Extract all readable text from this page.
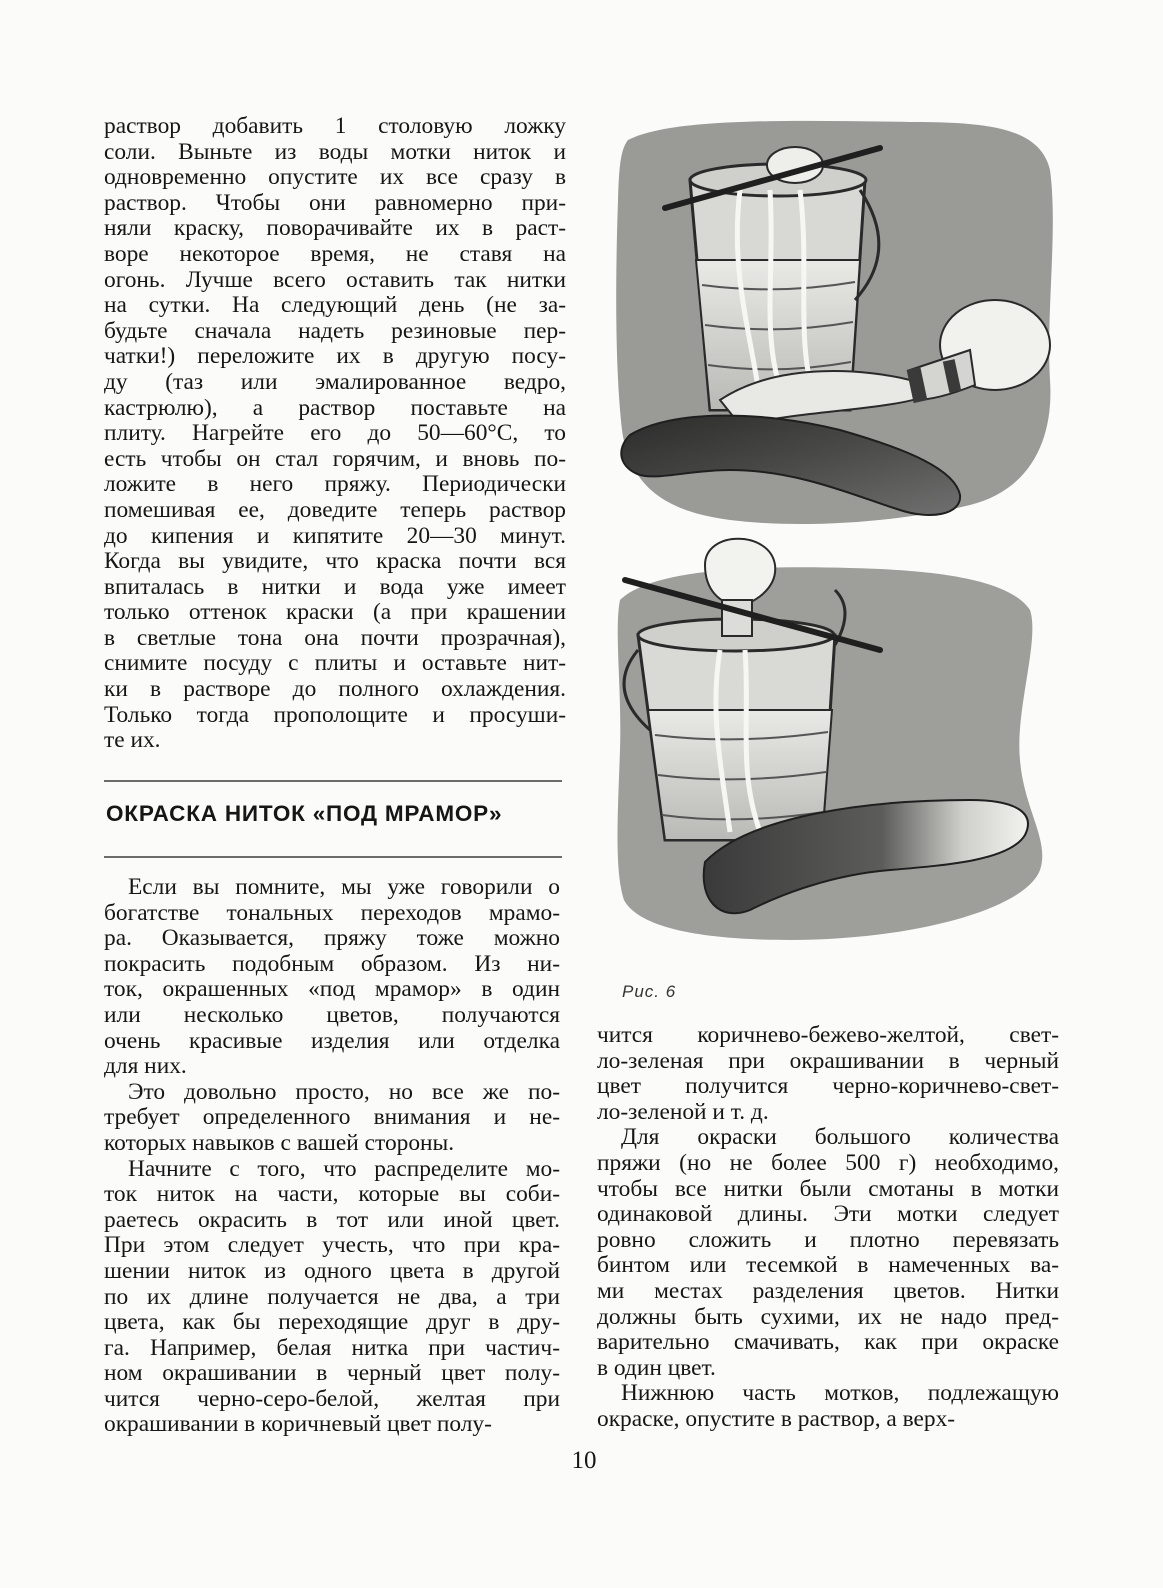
раствор добавить 1 столовую ложку
соли. Выньте из воды мотки ниток и
одновременно опустите их все сразу в
раствор. Чтобы они равномерно при-
няли краску, поворачивайте их в раст-
воре некоторое время, не ставя на
огонь. Лучше всего оставить так нитки
на сутки. На следующий день (не за-
будьте сначала надеть резиновые пер-
чатки!) переложите их в другую посу-
ду (таз или эмалированное ведро,
кастрюлю), а раствор поставьте на
плиту. Нагрейте его до 50—60°С, то
есть чтобы он стал горячим, и вновь по-
ложите в него пряжу. Периодически
помешивая ее, доведите теперь раствор
до кипения и кипятите 20—30 минут.
Когда вы увидите, что краска почти вся
впиталась в нитки и вода уже имеет
только оттенок краски (а при крашении
в светлые тона она почти прозрачная),
снимите посуду с плиты и оставьте нит-
ки в растворе до полного охлаждения.
Только тогда прополощите и просуши-
те их.
ОКРАСКА НИТОК «ПОД МРАМОР»
Если вы помните, мы уже говорили о
богатстве тональных переходов мрамо-
ра. Оказывается, пряжу тоже можно
покрасить подобным образом. Из ни-
ток, окрашенных «под мрамор» в один
или несколько цветов, получаются
очень красивые изделия или отделка
для них.
Это довольно просто, но все же по-
требует определенного внимания и не-
которых навыков с вашей стороны.
Начните с того, что распределите мо-
ток ниток на части, которые вы соби-
раетесь окрасить в тот или иной цвет.
При этом следует учесть, что при кра-
шении ниток из одного цвета в другой
по их длине получается не два, а три
цвета, как бы переходящие друг в дру-
га. Например, белая нитка при частич-
ном окрашивании в черный цвет полу-
чится черно-серо-белой, желтая при
окрашивании в коричневый цвет полу-
чится коричнево-бежево-желтой, свет-
ло-зеленая при окрашивании в черный
цвет получится черно-коричнево-свет-
ло-зеленой и т. д.
Для окраски большого количества
пряжи (но не более 500 г) необходимо,
чтобы все нитки были смотаны в мотки
одинаковой длины. Эти мотки следует
ровно сложить и плотно перевязать
бинтом или тесемкой в намеченных ва-
ми местах разделения цветов. Нитки
должны быть сухими, их не надо пред-
варительно смачивать, как при окраске
в один цвет.
Нижнюю часть мотков, подлежащую
окраске, опустите в раствор, а верх-
Рис. 6
10
